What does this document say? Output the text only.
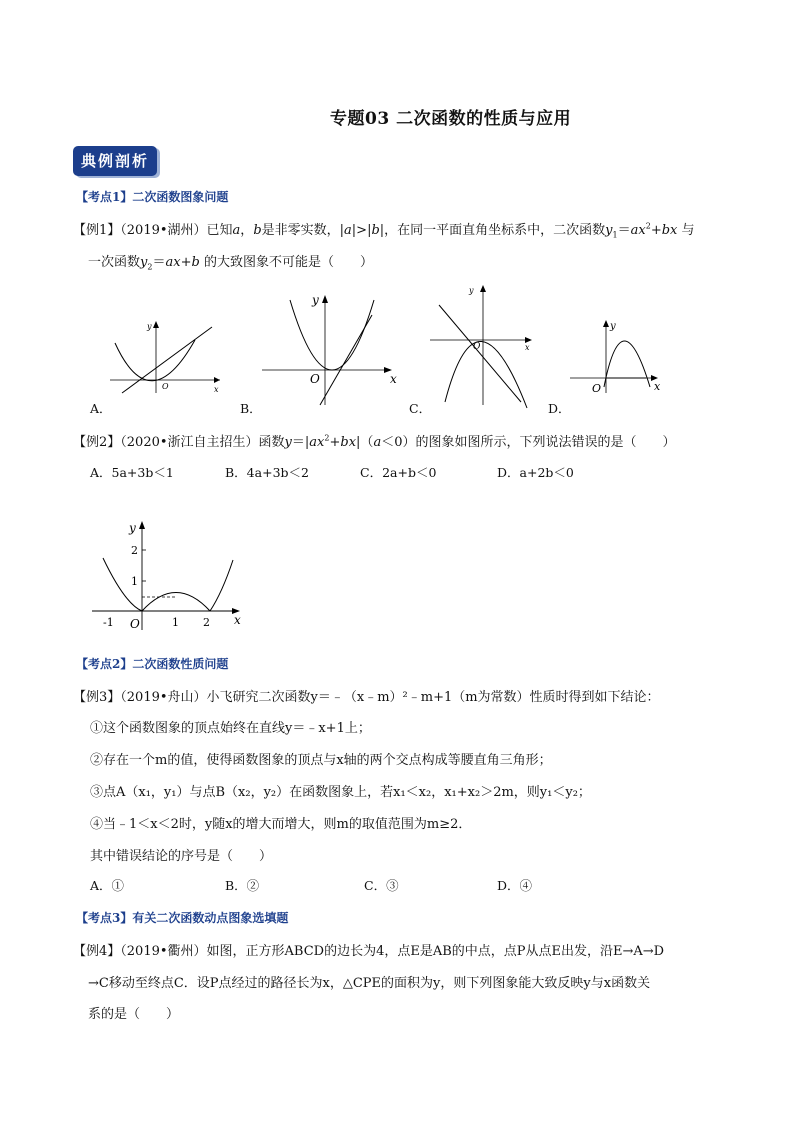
专题03 二次函数的性质与应用
典例剖析
【考点1】二次函数图象问题
【例1】（2019•湖州）已知a，b是非零实数，|a|>|b|，在同一平面直角坐标系中，二次函数$y_1=ax^2+bx$ 与
一次函数$y_2=ax+b$ 的大致图象不可能是（　　）
y
O	x
A．
y
O	x
B．
y
O	x
C．
y
O	x
D．
【例2】（2020•浙江自主招生）函数$y=|ax^2+bx|(a<0)$的图象如图所示，下列说法错误的是（　　）
A．5a+3b＜1	B．4a+3b＜2	C．2a+b＜0	D．a+2b＜0
y
2
1
-1 O	1 2 x
【考点2】二次函数性质问题
【例3】（2019•舟山）小飞研究二次函数y＝﹣（x﹣m）²﹣m+1（m为常数）性质时得到如下结论：
①这个函数图象的顶点始终在直线y＝﹣x+1上；
②存在一个m的值，使得函数图象的顶点与x轴的两个交点构成等腰直角三角形；
③点A（x₁，y₁）与点B（x₂，y₂）在函数图象上，若x₁＜x₂，x₁+x₂＞2m，则y₁＜y₂；
④当﹣1＜x＜2时，y随x的增大而增大，则m的取值范围为m≥2．
其中错误结论的序号是（　　）
A．①	B．②	C．③	D．④
【考点3】有关二次函数动点图象选填题
【例4】（2019•衢州）如图，正方形ABCD的边长为4，点E是AB的中点，点P从点E出发，沿E→A→D
→C移动至终点C．设P点经过的路径长为x，△CPE的面积为y，则下列图象能大致反映y与x函数关
系的是（　　）
